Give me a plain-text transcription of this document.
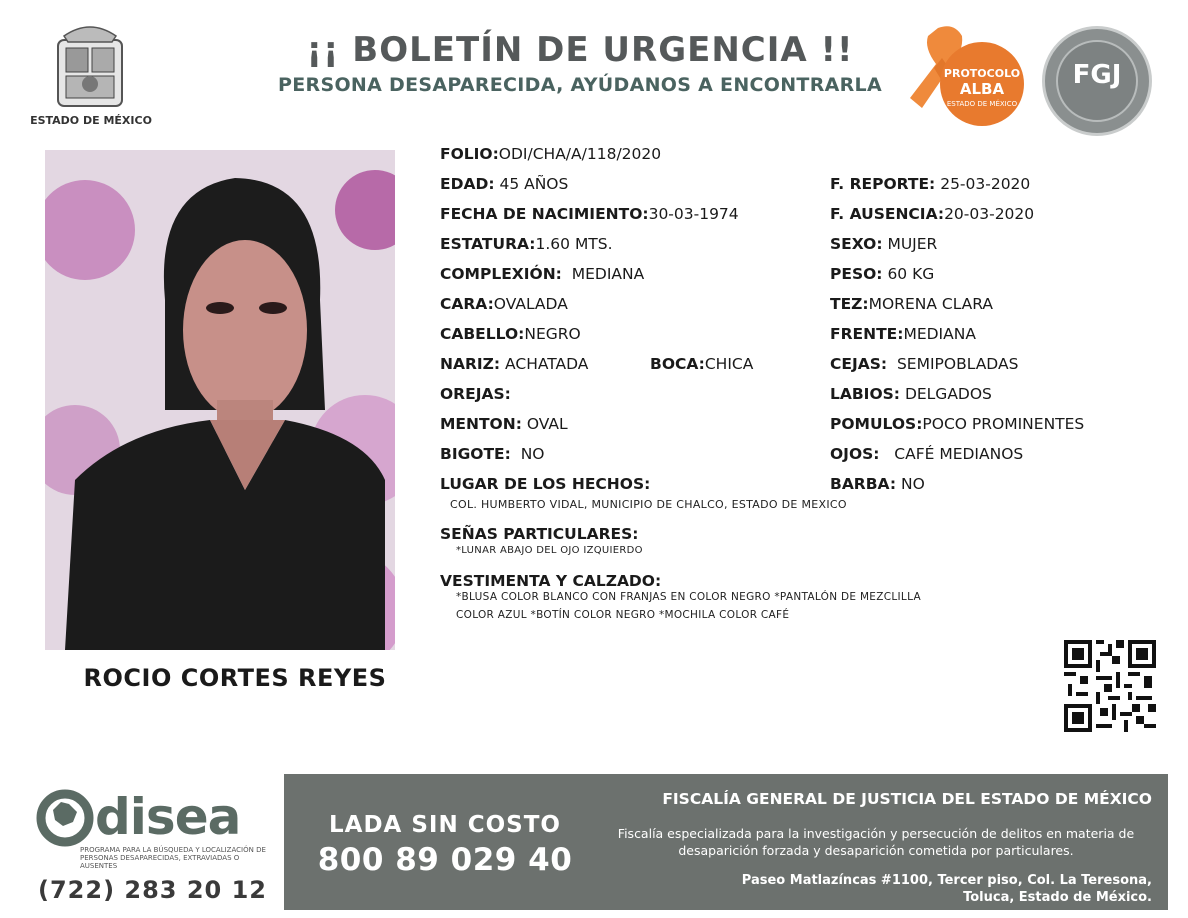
ESTADO DE MÉXICO
¡¡ BOLETÍN DE URGENCIA !!
PERSONA DESAPARECIDA, AYÚDANOS A ENCONTRARLA
PROTOCOLO
ALBA
ESTADO DE MÉXICO
FGJ
ROCIO CORTES REYES
FOLIO:ODI/CHA/A/118/2020
EDAD: 45 AÑOS	F. REPORTE: 25-03-2020
FECHA DE NACIMIENTO:30-03-1974	F. AUSENCIA:20-03-2020
ESTATURA:1.60 MTS.	SEXO: MUJER
COMPLEXIÓN: MEDIANA	PESO: 60 KG
CARA:OVALADA	TEZ:MORENA CLARA
CABELLO:NEGRO	FRENTE:MEDIANA
NARIZ: ACHATADA	BOCA:CHICA	CEJAS: SEMIPOBLADAS
OREJAS:	LABIOS: DELGADOS
MENTON: OVAL	POMULOS:POCO PROMINENTES
BIGOTE: NO	OJOS: CAFÉ MEDIANOS
LUGAR DE LOS HECHOS:	BARBA: NO
COL. HUMBERTO VIDAL, MUNICIPIO DE CHALCO, ESTADO DE MEXICO
SEÑAS PARTICULARES:
*LUNAR ABAJO DEL OJO IZQUIERDO
VESTIMENTA Y CALZADO:
*BLUSA COLOR BLANCO CON FRANJAS EN COLOR NEGRO *PANTALÓN DE MEZCLILLA
COLOR AZUL *BOTÍN COLOR NEGRO *MOCHILA COLOR CAFÉ
disea
PROGRAMA PARA LA BÚSQUEDA Y LOCALIZACIÓN DE PERSONAS DESAPARECIDAS, EXTRAVIADAS O AUSENTES
(722) 283 20 12
LADA SIN COSTO
800 89 029 40
FISCALÍA GENERAL DE JUSTICIA DEL ESTADO DE MÉXICO
Fiscalía especializada para la investigación y persecución de delitos en materia de desaparición forzada y desaparición cometida por particulares.
Paseo Matlazíncas #1100, Tercer piso, Col. La Teresona,
Toluca, Estado de México.
